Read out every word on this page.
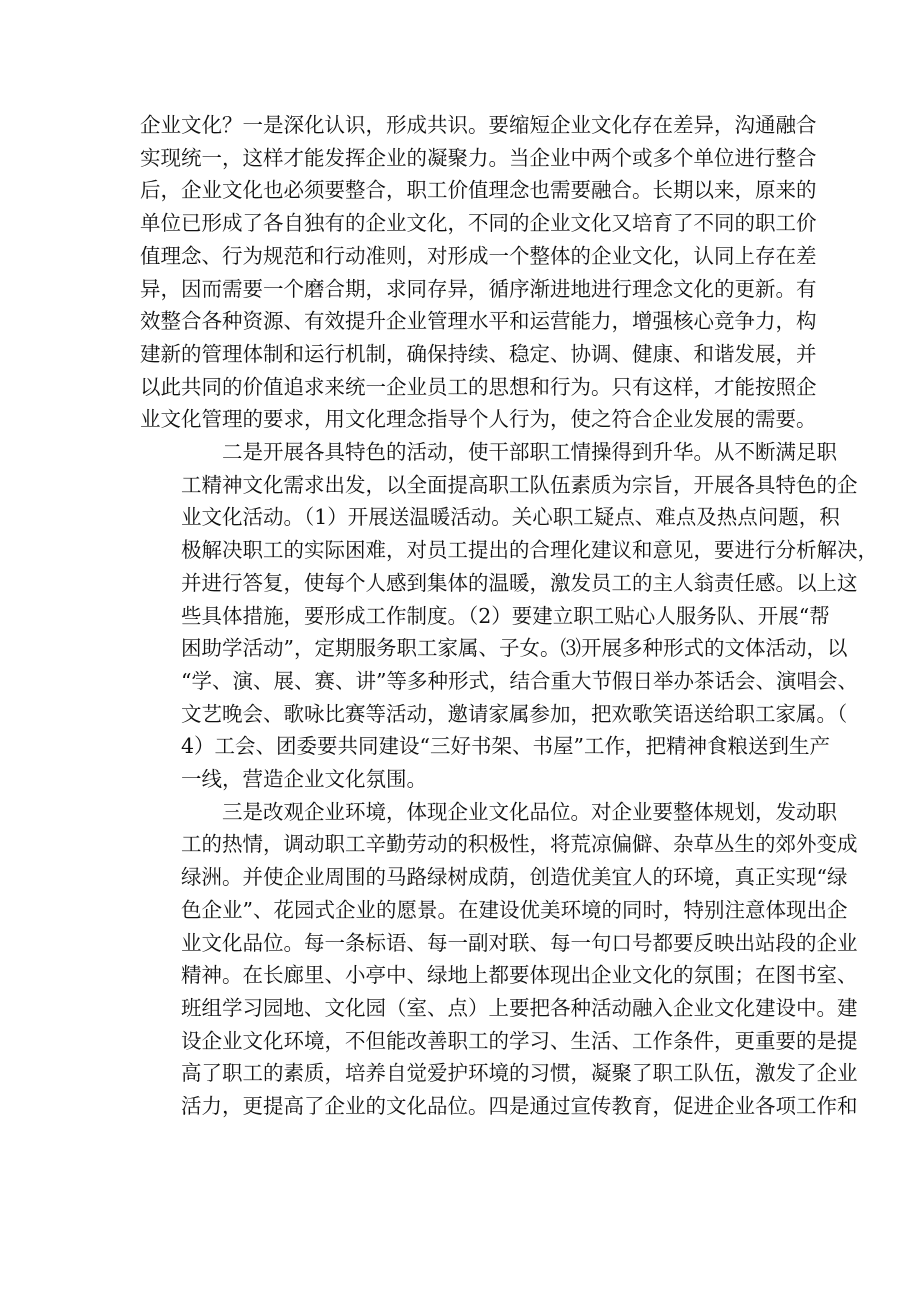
企业文化？一是深化认识，形成共识。要缩短企业文化存在差异，沟通融合
实现统一，这样才能发挥企业的凝聚力。当企业中两个或多个单位进行整合
后，企业文化也必须要整合，职工价值理念也需要融合。长期以来，原来的
单位已形成了各自独有的企业文化，不同的企业文化又培育了不同的职工价
值理念、行为规范和行动准则，对形成一个整体的企业文化，认同上存在差
异，因而需要一个磨合期，求同存异，循序渐进地进行理念文化的更新。有
效整合各种资源、有效提升企业管理水平和运营能力，增强核心竞争力，构
建新的管理体制和运行机制，确保持续、稳定、协调、健康、和谐发展，并
以此共同的价值追求来统一企业员工的思想和行为。只有这样，才能按照企
业文化管理的要求，用文化理念指导个人行为，使之符合企业发展的需要。
二是开展各具特色的活动，使干部职工情操得到升华。从不断满足职
工精神文化需求出发，以全面提高职工队伍素质为宗旨，开展各具特色的企
业文化活动。（1）开展送温暖活动。关心职工疑点、难点及热点问题，积
极解决职工的实际困难，对员工提出的合理化建议和意见，要进行分析解决，
并进行答复，使每个人感到集体的温暖，激发员工的主人翁责任感。以上这
些具体措施，要形成工作制度。（2）要建立职工贴心人服务队、开展“帮
困助学活动”，定期服务职工家属、子女。⑶开展多种形式的文体活动，以
“学、演、展、赛、讲”等多种形式，结合重大节假日举办茶话会、演唱会、
文艺晚会、歌咏比赛等活动，邀请家属参加，把欢歌笑语送给职工家属。（
4）工会、团委要共同建设“三好书架、书屋”工作，把精神食粮送到生产
一线，营造企业文化氛围。
三是改观企业环境，体现企业文化品位。对企业要整体规划，发动职
工的热情，调动职工辛勤劳动的积极性，将荒凉偏僻、杂草丛生的郊外变成
绿洲。并使企业周围的马路绿树成荫，创造优美宜人的环境，真正实现“绿
色企业”、花园式企业的愿景。在建设优美环境的同时，特别注意体现出企
业文化品位。每一条标语、每一副对联、每一句口号都要反映出站段的企业
精神。在长廊里、小亭中、绿地上都要体现出企业文化的氛围；在图书室、
班组学习园地、文化园（室、点）上要把各种活动融入企业文化建设中。建
设企业文化环境，不但能改善职工的学习、生活、工作条件，更重要的是提
高了职工的素质，培养自觉爱护环境的习惯，凝聚了职工队伍，激发了企业
活力，更提高了企业的文化品位。四是通过宣传教育，促进企业各项工作和
